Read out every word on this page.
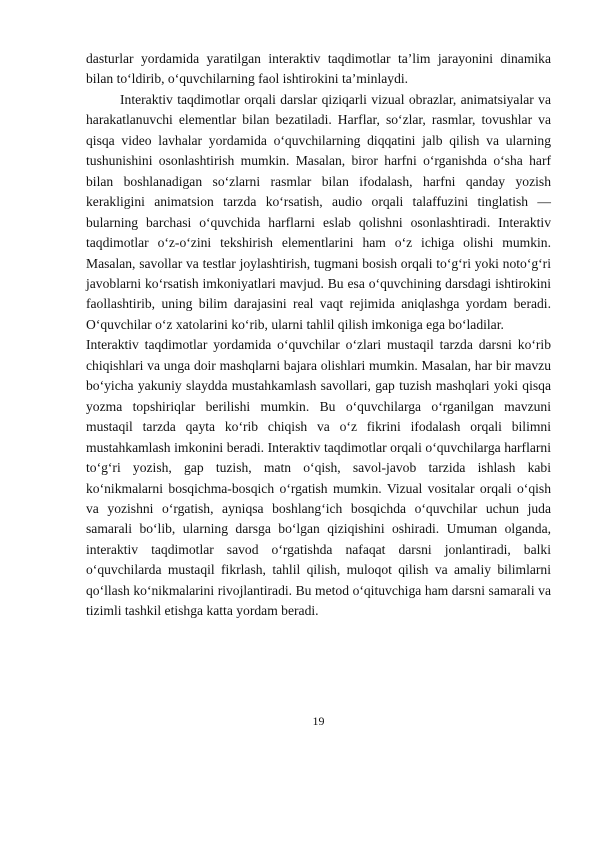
dasturlar yordamida yaratilgan interaktiv taqdimotlar ta’lim jarayonini dinamika bilan to‘ldirib, o‘quvchilarning faol ishtirokini ta’minlaydi.

Interaktiv taqdimotlar orqali darslar qiziqarli vizual obrazlar, animatsiyalar va harakatlanuvchi elementlar bilan bezatiladi. Harflar, so‘zlar, rasmlar, tovushlar va qisqa video lavhalar yordamida o‘quvchilarning diqqatini jalb qilish va ularning tushunishini osonlashtirish mumkin. Masalan, biror harfni o‘rganishda o‘sha harf bilan boshlanadigan so‘zlarni rasmlar bilan ifodalash, harfni qanday yozish kerakligini animatsion tarzda ko‘rsatish, audio orqali talaffuzini tinglatish — bularning barchasi o‘quvchida harflarni eslab qolishni osonlashtiradi. Interaktiv taqdimotlar o‘z-o‘zini tekshirish elementlarini ham o‘z ichiga olishi mumkin. Masalan, savollar va testlar joylashtirish, tugmani bosish orqali to‘g‘ri yoki noto‘g‘ri javoblarni ko‘rsatish imkoniyatlari mavjud. Bu esa o‘quvchining darsdagi ishtirokini faollashtirib, uning bilim darajasini real vaqt rejimida aniqlashga yordam beradi. O‘quvchilar o‘z xatolarini ko‘rib, ularni tahlil qilish imkoniga ega bo‘ladilar.

Interaktiv taqdimotlar yordamida o‘quvchilar o‘zlari mustaqil tarzda darsni ko‘rib chiqishlari va unga doir mashqlarni bajara olishlari mumkin. Masalan, har bir mavzu bo‘yicha yakuniy slaydda mustahkamlash savollari, gap tuzish mashqlari yoki qisqa yozma topshiriqlar berilishi mumkin. Bu o‘quvchilarga o‘rganilgan mavzuni mustaqil tarzda qayta ko‘rib chiqish va o‘z fikrini ifodalash orqali bilimni mustahkamlash imkonini beradi. Interaktiv taqdimotlar orqali o‘quvchilarga harflarni to‘g‘ri yozish, gap tuzish, matn o‘qish, savol-javob tarzida ishlash kabi ko‘nikmalarni bosqichma-bosqich o‘rgatish mumkin. Vizual vositalar orqali o‘qish va yozishni o‘rgatish, ayniqsa boshlang‘ich bosqichda o‘quvchilar uchun juda samarali bo‘lib, ularning darsga bo‘lgan qiziqishini oshiradi. Umuman olganda, interaktiv taqdimotlar savod o‘rgatishda nafaqat darsni jonlantiradi, balki o‘quvchilarda mustaqil fikrlash, tahlil qilish, muloqot qilish va amaliy bilimlarni qo‘llash ko‘nikmalarini rivojlantiradi. Bu metod o‘qituvchiga ham darsni samarali va tizimli tashkil etishga katta yordam beradi.

19
